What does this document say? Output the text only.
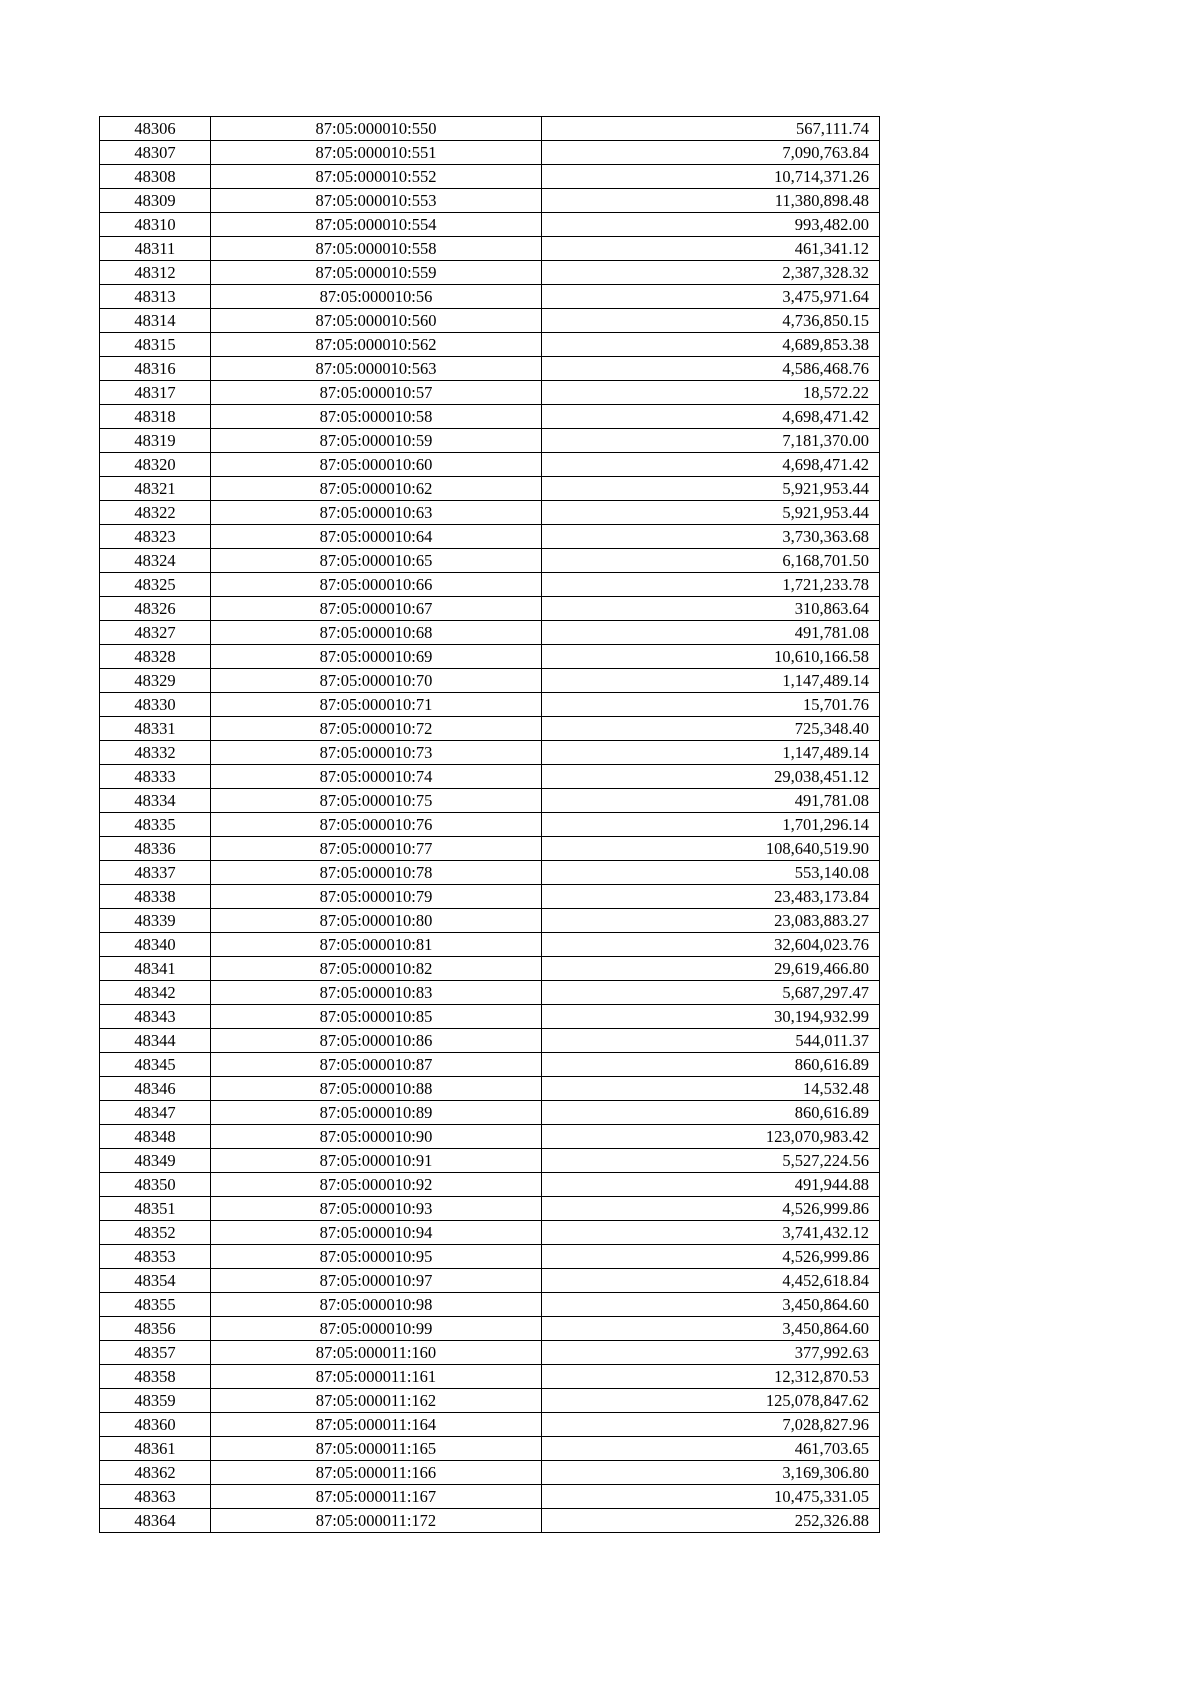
48306	87:05:000010:550	567,111.74
48307	87:05:000010:551	7,090,763.84
48308	87:05:000010:552	10,714,371.26
48309	87:05:000010:553	11,380,898.48
48310	87:05:000010:554	993,482.00
48311	87:05:000010:558	461,341.12
48312	87:05:000010:559	2,387,328.32
48313	87:05:000010:56	3,475,971.64
48314	87:05:000010:560	4,736,850.15
48315	87:05:000010:562	4,689,853.38
48316	87:05:000010:563	4,586,468.76
48317	87:05:000010:57	18,572.22
48318	87:05:000010:58	4,698,471.42
48319	87:05:000010:59	7,181,370.00
48320	87:05:000010:60	4,698,471.42
48321	87:05:000010:62	5,921,953.44
48322	87:05:000010:63	5,921,953.44
48323	87:05:000010:64	3,730,363.68
48324	87:05:000010:65	6,168,701.50
48325	87:05:000010:66	1,721,233.78
48326	87:05:000010:67	310,863.64
48327	87:05:000010:68	491,781.08
48328	87:05:000010:69	10,610,166.58
48329	87:05:000010:70	1,147,489.14
48330	87:05:000010:71	15,701.76
48331	87:05:000010:72	725,348.40
48332	87:05:000010:73	1,147,489.14
48333	87:05:000010:74	29,038,451.12
48334	87:05:000010:75	491,781.08
48335	87:05:000010:76	1,701,296.14
48336	87:05:000010:77	108,640,519.90
48337	87:05:000010:78	553,140.08
48338	87:05:000010:79	23,483,173.84
48339	87:05:000010:80	23,083,883.27
48340	87:05:000010:81	32,604,023.76
48341	87:05:000010:82	29,619,466.80
48342	87:05:000010:83	5,687,297.47
48343	87:05:000010:85	30,194,932.99
48344	87:05:000010:86	544,011.37
48345	87:05:000010:87	860,616.89
48346	87:05:000010:88	14,532.48
48347	87:05:000010:89	860,616.89
48348	87:05:000010:90	123,070,983.42
48349	87:05:000010:91	5,527,224.56
48350	87:05:000010:92	491,944.88
48351	87:05:000010:93	4,526,999.86
48352	87:05:000010:94	3,741,432.12
48353	87:05:000010:95	4,526,999.86
48354	87:05:000010:97	4,452,618.84
48355	87:05:000010:98	3,450,864.60
48356	87:05:000010:99	3,450,864.60
48357	87:05:000011:160	377,992.63
48358	87:05:000011:161	12,312,870.53
48359	87:05:000011:162	125,078,847.62
48360	87:05:000011:164	7,028,827.96
48361	87:05:000011:165	461,703.65
48362	87:05:000011:166	3,169,306.80
48363	87:05:000011:167	10,475,331.05
48364	87:05:000011:172	252,326.88
